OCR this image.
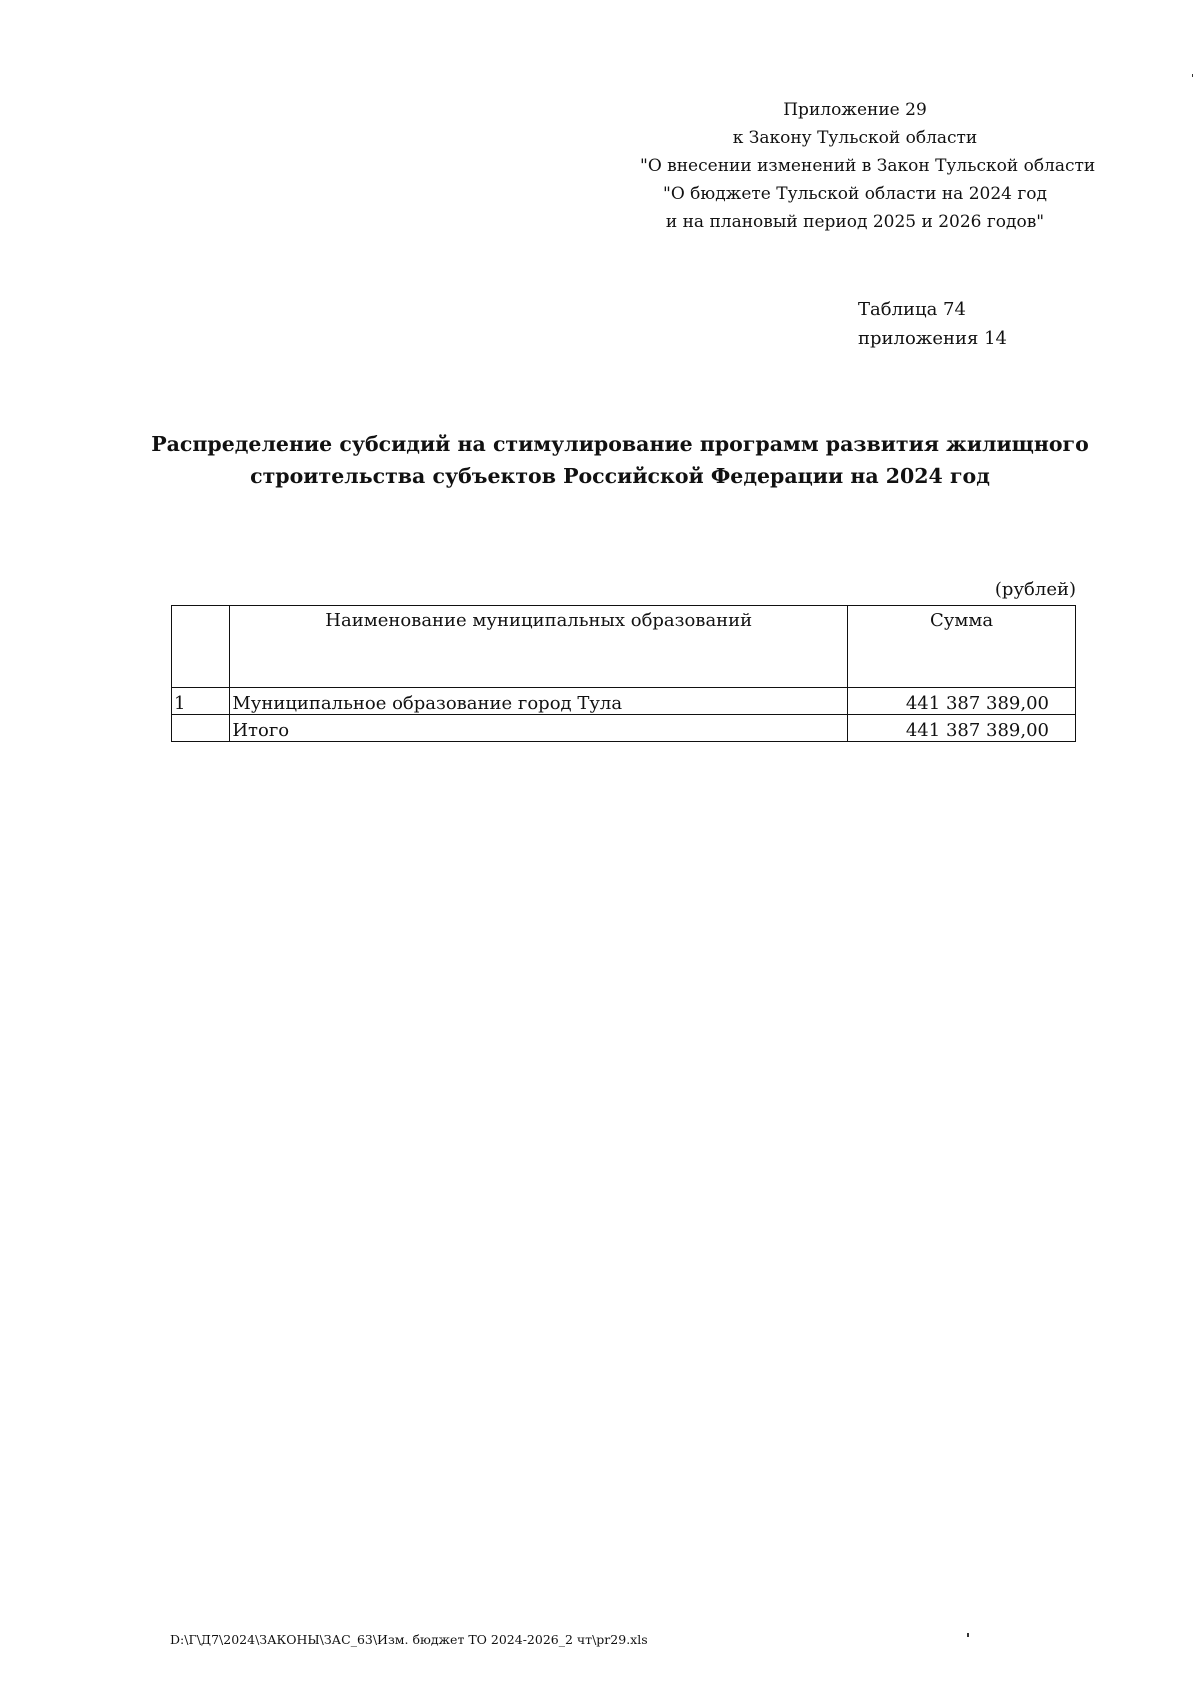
Приложение 29
к Закону Тульской области
"О внесении изменений в Закон Тульской области
"О бюджете Тульской области на 2024 год
и на плановый период 2025 и 2026 годов"
Таблица 74
приложения 14
Распределение субсидий на стимулирование программ развития жилищного
строительства субъектов Российской Федерации на 2024 год
(рублей)
	Наименование муниципальных образований	Сумма
1	Муниципальное образование город Тула	441 387 389,00
	Итого	441 387 389,00
D:\Г\Д7\2024\ЗАКОНЫ\ЗАС_63\Изм. бюджет ТО 2024-2026_2 чт\pr29.xls
